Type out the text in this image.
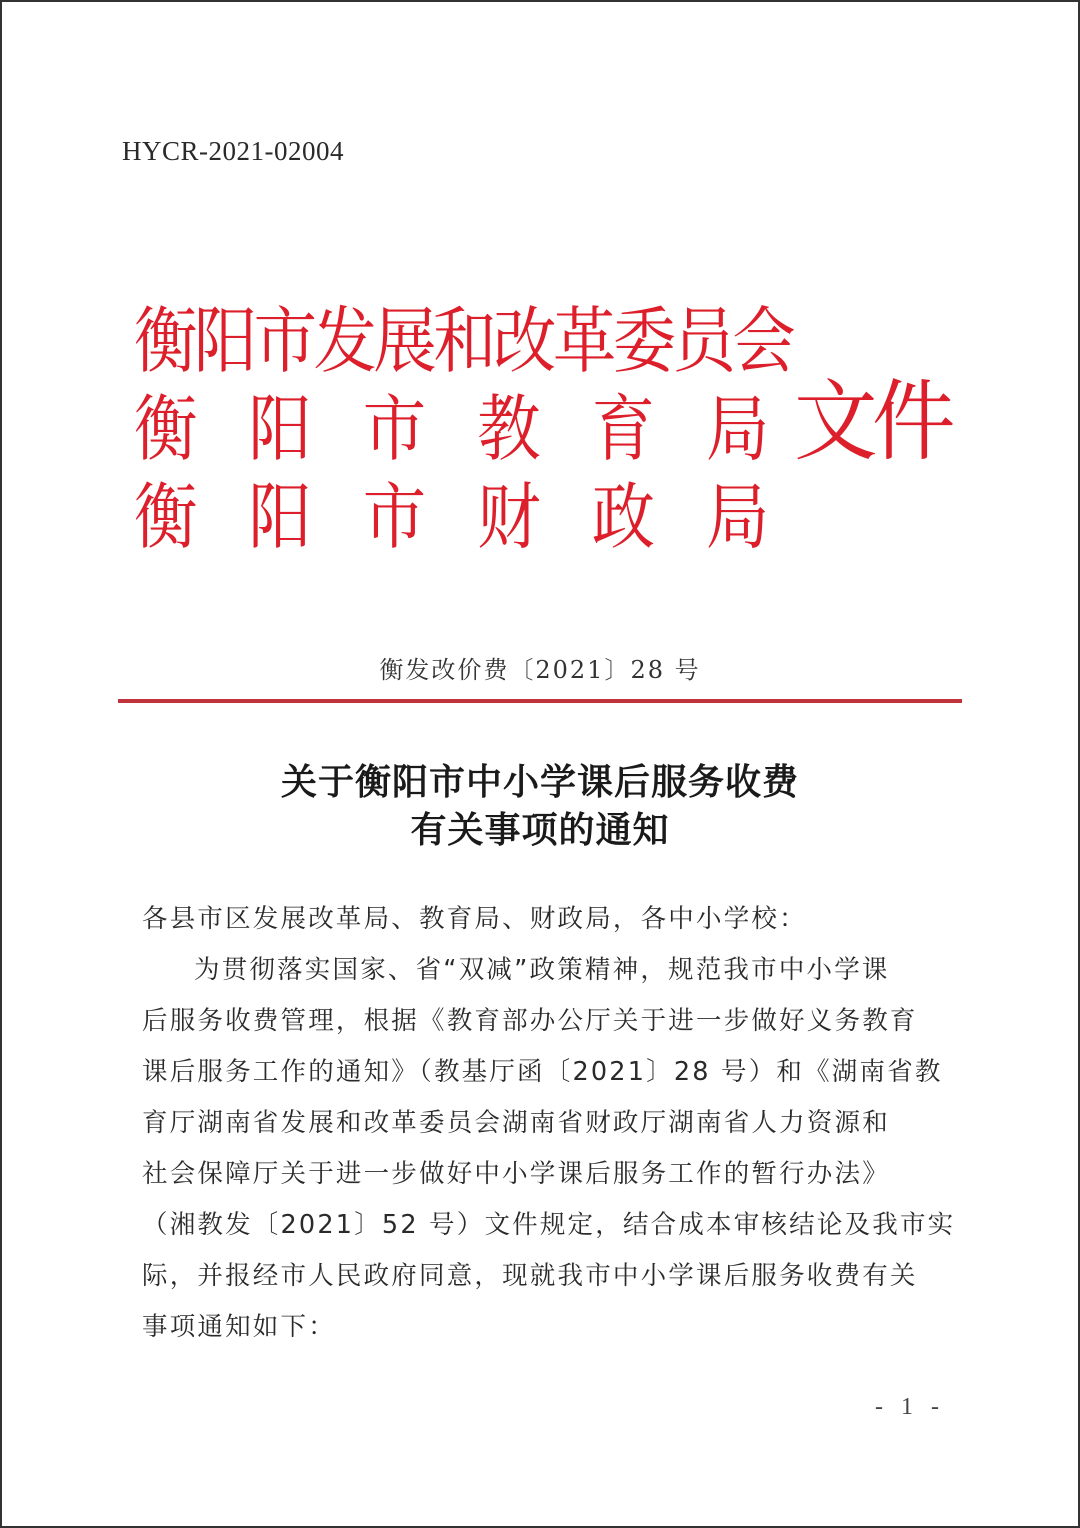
HYCR-2021-02004
衡阳市发展和改革委员会
衡阳市教育局
衡阳市财政局
文件
衡发改价费〔2021〕28 号
关于衡阳市中小学课后服务收费
有关事项的通知
各县市区发展改革局、教育局、财政局，各中小学校：
为贯彻落实国家、省“双减”政策精神，规范我市中小学课
后服务收费管理，根据《教育部办公厅关于进一步做好义务教育
课后服务工作的通知》（教基厅函〔2021〕28 号）和《湖南省教
育厅湖南省发展和改革委员会湖南省财政厅湖南省人力资源和
社会保障厅关于进一步做好中小学课后服务工作的暂行办法》
（湘教发〔2021〕52 号）文件规定，结合成本审核结论及我市实
际，并报经市人民政府同意，现就我市中小学课后服务收费有关
事项通知如下：
- 1 -
